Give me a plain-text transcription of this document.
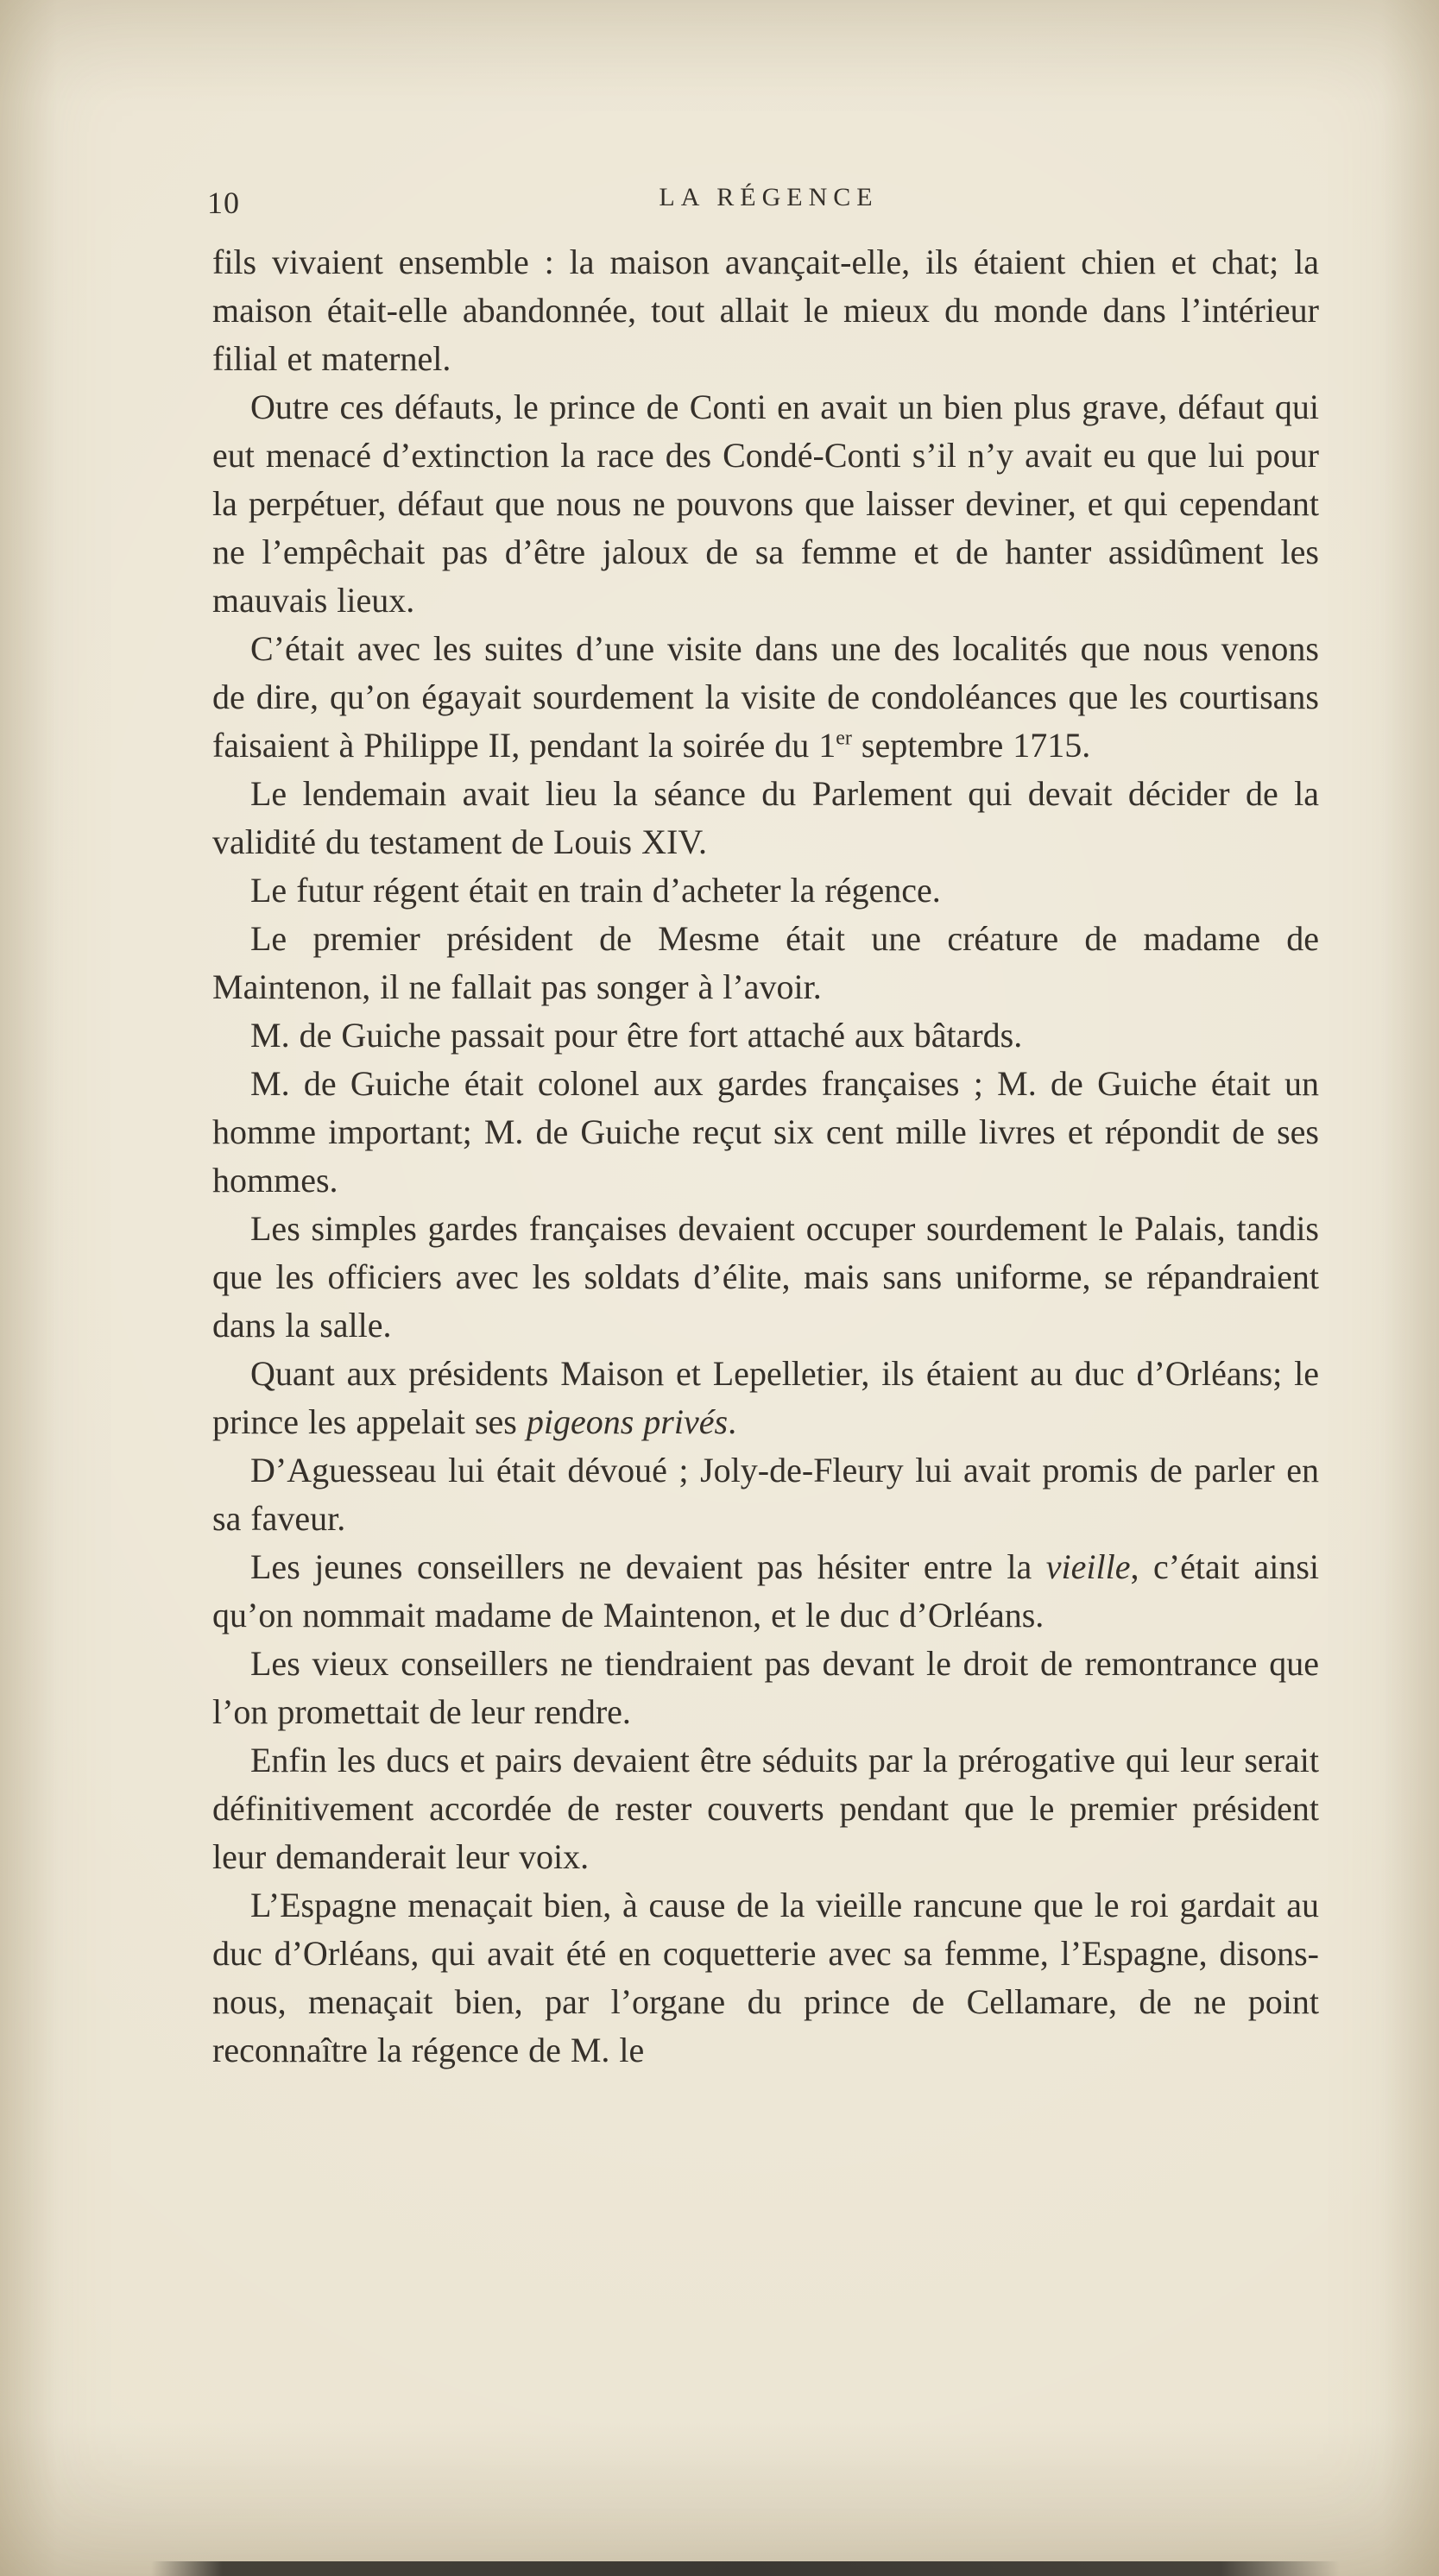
10	LA RÉGENCE

fils vivaient ensemble : la maison avançait-elle, ils étaient chien et chat; la maison était-elle abandonnée, tout allait le mieux du monde dans l’intérieur filial et maternel.

Outre ces défauts, le prince de Conti en avait un bien plus grave, défaut qui eut menacé d’extinction la race des Condé-Conti s’il n’y avait eu que lui pour la perpétuer, défaut que nous ne pouvons que laisser deviner, et qui cependant ne l’empêchait pas d’être jaloux de sa femme et de hanter assidûment les mauvais lieux.

C’était avec les suites d’une visite dans une des localités que nous venons de dire, qu’on égayait sourdement la visite de condoléances que les courtisans faisaient à Philippe II, pendant la soirée du 1er septembre 1715.

Le lendemain avait lieu la séance du Parlement qui devait décider de la validité du testament de Louis XIV.

Le futur régent était en train d’acheter la régence.

Le premier président de Mesme était une créature de madame de Maintenon, il ne fallait pas songer à l’avoir.

M. de Guiche passait pour être fort attaché aux bâtards.

M. de Guiche était colonel aux gardes françaises ; M. de Guiche était un homme important; M. de Guiche reçut six cent mille livres et répondit de ses hommes.

Les simples gardes françaises devaient occuper sourdement le Palais, tandis que les officiers avec les soldats d’élite, mais sans uniforme, se répandraient dans la salle.

Quant aux présidents Maison et Lepelletier, ils étaient au duc d’Orléans; le prince les appelait ses pigeons privés.

D’Aguesseau lui était dévoué ; Joly-de-Fleury lui avait promis de parler en sa faveur.

Les jeunes conseillers ne devaient pas hésiter entre la vieille, c’était ainsi qu’on nommait madame de Maintenon, et le duc d’Orléans.

Les vieux conseillers ne tiendraient pas devant le droit de remontrance que l’on promettait de leur rendre.

Enfin les ducs et pairs devaient être séduits par la prérogative qui leur serait définitivement accordée de rester couverts pendant que le premier président leur demanderait leur voix.

L’Espagne menaçait bien, à cause de la vieille rancune que le roi gardait au duc d’Orléans, qui avait été en coquetterie avec sa femme, l’Espagne, disons-nous, menaçait bien, par l’organe du prince de Cellamare, de ne point reconnaître la régence de M. le
